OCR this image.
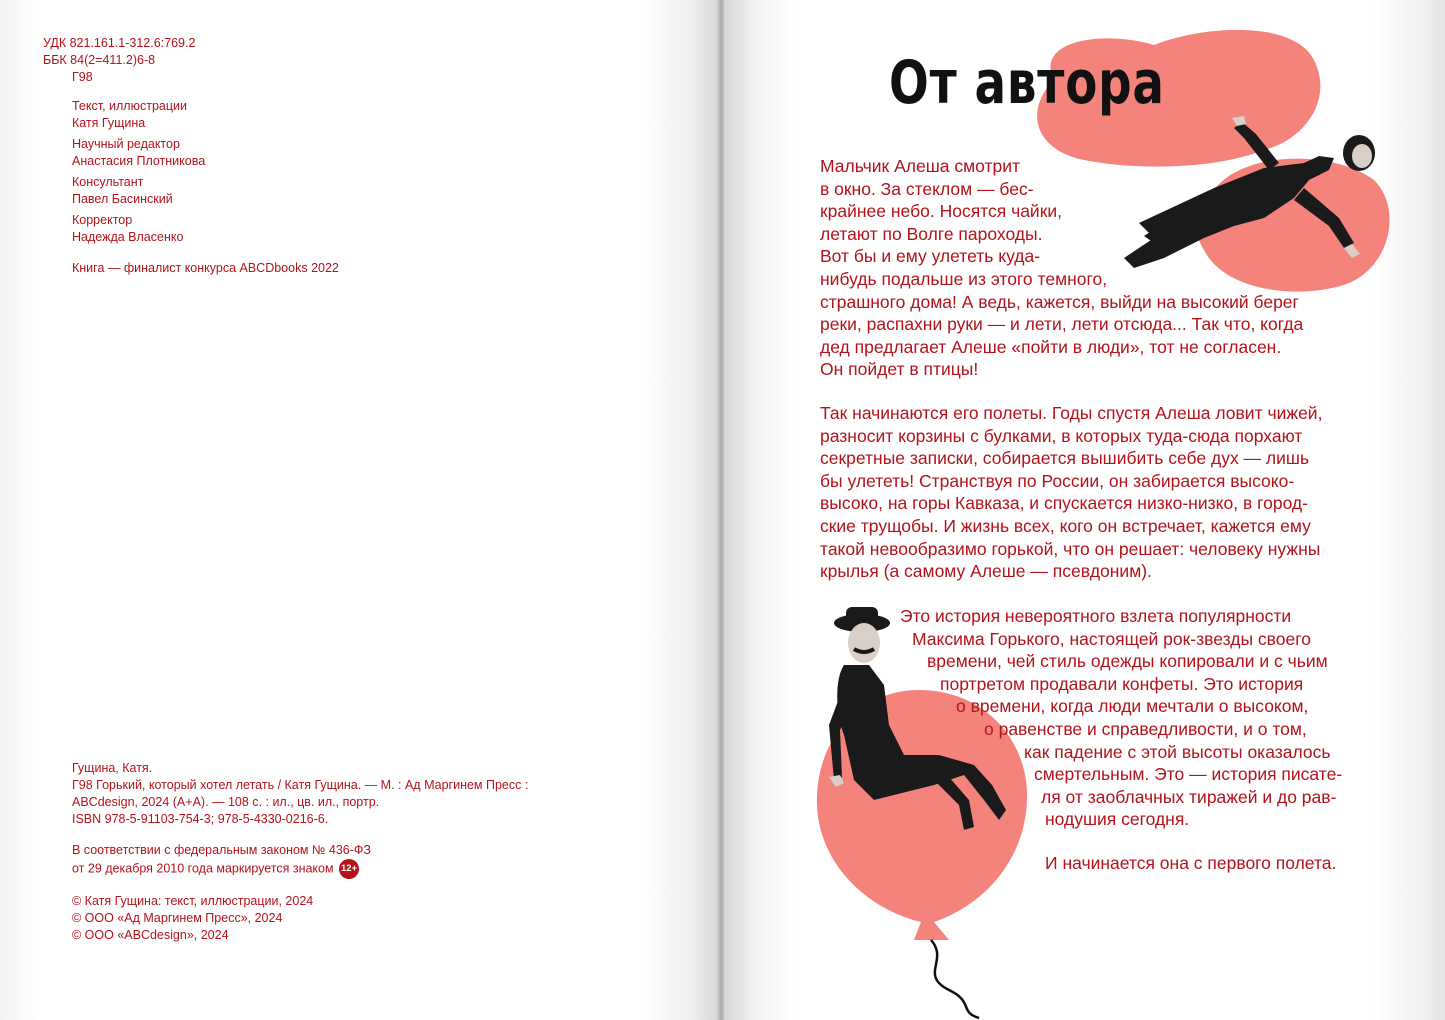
УДК 821.161.1-312.6:769.2
ББК 84(2=411.2)6-8
Г98
Текст, иллюстрации
Катя Гущина
Научный редактор
Анастасия Плотникова
Консультант
Павел Басинский
Корректор
Надежда Власенко
Книга — финалист конкурса ABCDbooks 2022
Гущина, Катя.
Г98 Горький, который хотел летать / Катя Гущина. — М. : Ад Маргинем Пресс :
ABCdesign, 2024 (А+А). — 108 с. : ил., цв. ил., портр.
ISBN 978-5-91103-754-3; 978-5-4330-0216-6.
В соответствии с федеральным законом № 436-ФЗ
от 29 декабря 2010 года маркируется знаком 12+
© Катя Гущина: текст, иллюстрации, 2024
© ООО «Ад Маргинем Пресс», 2024
© ООО «ABCdesign», 2024
От автора
Мальчик Алеша смотрит
в окно. За стеклом — бес-
крайнее небо. Носятся чайки,
летают по Волге пароходы.
Вот бы и ему улететь куда-
нибудь подальше из этого темного,
страшного дома! А ведь, кажется, выйди на высокий берег
реки, распахни руки — и лети, лети отсюда... Так что, когда
дед предлагает Алеше «пойти в люди», тот не согласен.
Он пойдет в птицы!
Так начинаются его полеты. Годы спустя Алеша ловит чижей,
разносит корзины с булками, в которых туда-сюда порхают
секретные записки, собирается вышибить себе дух — лишь
бы улететь! Странствуя по России, он забирается высоко-
высоко, на горы Кавказа, и спускается низко-низко, в город-
ские трущобы. И жизнь всех, кого он встречает, кажется ему
такой невообразимо горькой, что он решает: человеку нужны
крылья (а самому Алеше — псевдоним).
Это история невероятного взлета популярности
Максима Горького, настоящей рок-звезды своего
времени, чей стиль одежды копировали и с чьим
портретом продавали конфеты. Это история
о времени, когда люди мечтали о высоком,
о равенстве и справедливости, и о том,
как падение с этой высоты оказалось
смертельным. Это — история писате-
ля от заоблачных тиражей и до рав-
нодушия сегодня.
И начинается она с первого полета.
